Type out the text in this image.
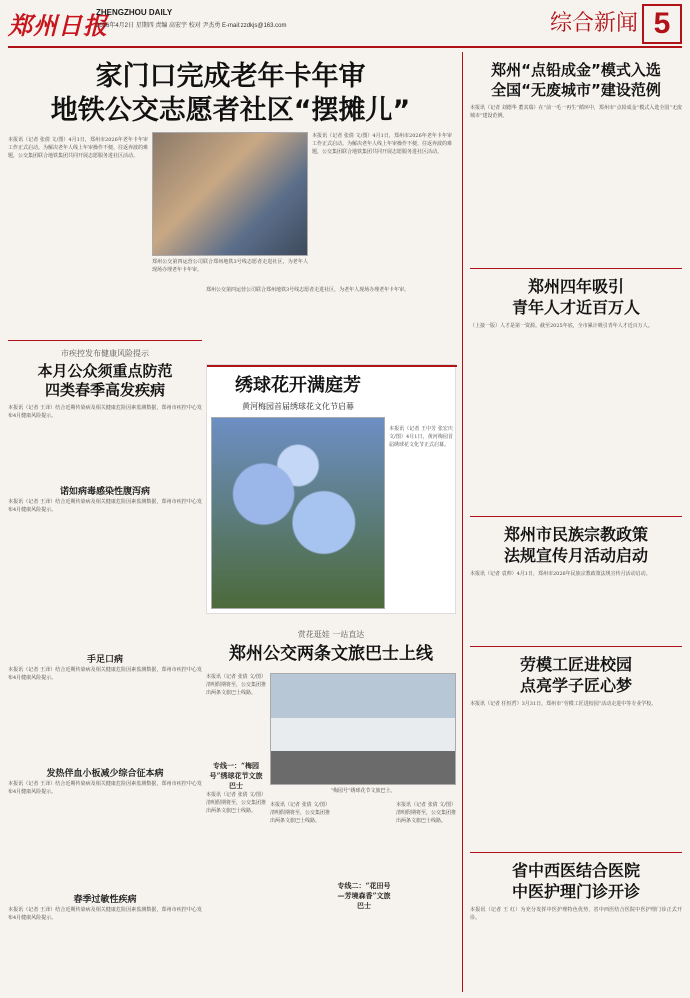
郑州日报
ZHENGZHOU DAILY
2026年4月2日 星期四 责编 高宏宇 校对 尹杰勇 E-mail:zzdkjs@163.com	综合新闻 5
家门口完成老年卡年审
地铁公交志愿者社区“摆摊儿”
本报讯（记者 张倩 文/图）4月1日，郑州市2026年老年卡年审工作正式启动。为解决老年人线上年审操作不便、往返奔波的难题，公交集团联合地铁集团共同开展志愿服务进社区活动。
郑州公交第四运营公司联合郑州地铁3号线志愿者走进社区，为老年人现场办理老年卡年审。
本报讯（记者 张倩 文/图）4月1日，郑州市2026年老年卡年审工作正式启动。为解决老年人线上年审操作不便、往返奔波的难题，公交集团联合地铁集团共同开展志愿服务进社区活动。
郑州公交第四运营公司联合郑州地铁3号线志愿者走进社区，为老年人现场办理老年卡年审。
市疾控发布健康风险提示
本月公众须重点防范
四类春季高发疾病
本报讯（记者 王译）结合近期传染病及相关健康危险因素监测数据，郑州市疾控中心发布4月健康风险提示。
诺如病毒感染性腹泻病
本报讯（记者 王译）结合近期传染病及相关健康危险因素监测数据，郑州市疾控中心发布4月健康风险提示。
手足口病
本报讯（记者 王译）结合近期传染病及相关健康危险因素监测数据，郑州市疾控中心发布4月健康风险提示。
发热伴血小板减少综合征本病
本报讯（记者 王译）结合近期传染病及相关健康危险因素监测数据，郑州市疾控中心发布4月健康风险提示。
春季过敏性疾病
本报讯（记者 王译）结合近期传染病及相关健康危险因素监测数据，郑州市疾控中心发布4月健康风险提示。
绣球花开满庭芳
黄河梅园首届绣球花文化节启幕
本报讯（记者 王中芳 张宏庆 文/图）4月1日，黄河梅园首届绣球花文化节正式启幕。
赏花逛娃 一站直达
郑州公交两条文旅巴士上线
本报讯（记者 张倩 文/图）清明假期将至，公交集团推出两条文旅巴士线路。
专线一：“梅园号”绣球花节文旅巴士
本报讯（记者 张倩 文/图）清明假期将至，公交集团推出两条文旅巴士线路。
“梅园号”绣球花节文旅巴士。
本报讯（记者 张倩 文/图）清明假期将至，公交集团推出两条文旅巴士线路。
专线二：“花田号—芳境森香”文旅巴士
本报讯（记者 张倩 文/图）清明假期将至，公交集团推出两条文旅巴士线路。
郑州“点铅成金”模式入选
全国“无废城市”建设范例
本报讯（记者 刘德华 董其瑞）在“前一毛一再生”循环中，郑州市“点铅成金”模式入选全国“无废城市”建设范例。
郑州四年吸引
青年人才近百万人
（上接一版）人才是第一资源。截至2025年底，全市累计吸引青年人才近百万人。
郑州市民族宗教政策
法规宣传月活动启动
本报讯（记者 袁帅）4月1日，郑州市2026年民族宗教政策法规宣传月活动启动。
劳模工匠进校园
点亮学子匠心梦
本报讯（记者 任恒哲）3月31日，郑州市“劳模工匠进校园”活动走进中等专业学校。
省中西医结合医院
中医护理门诊开诊
本报讯（记者 王 红）为充分发挥中医护理特色优势，省中西医结合医院中医护理门诊正式开诊。
